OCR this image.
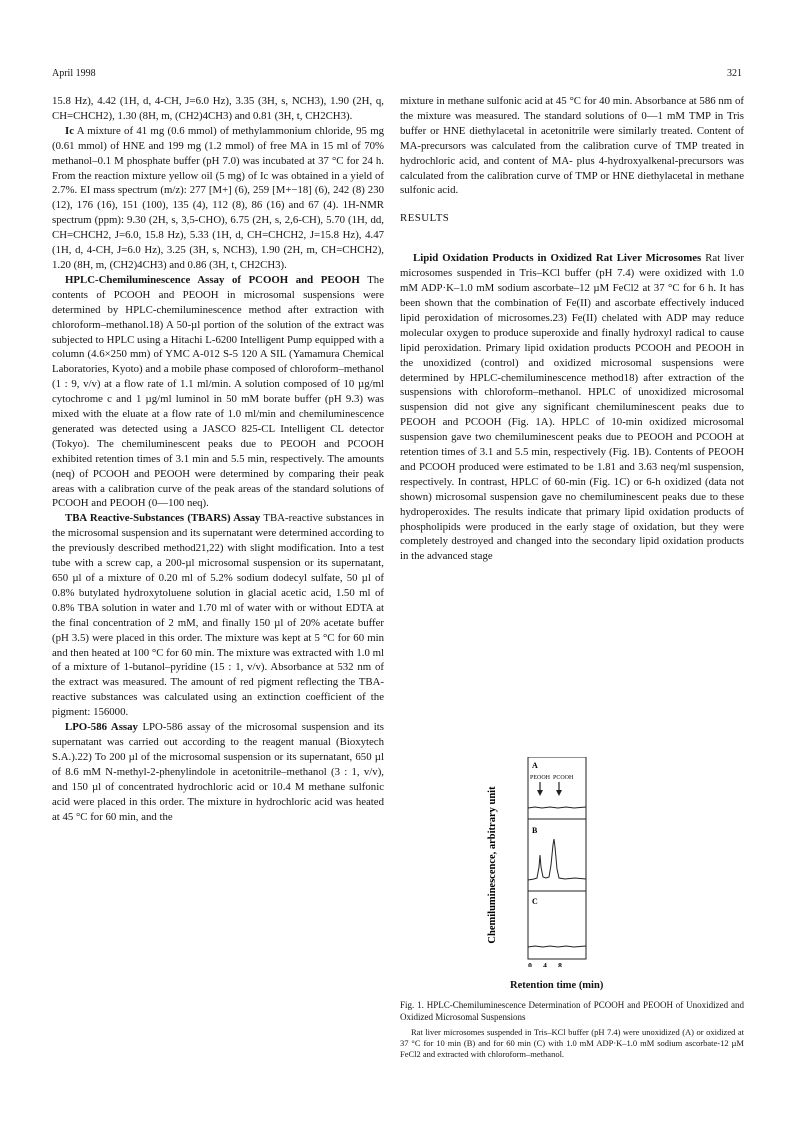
April 1998	321

15.8 Hz), 4.42 (1H, d, 4-CH, J=6.0 Hz), 3.35 (3H, s, NCH3), 1.90 (2H, q, CH=CHCH2), 1.30 (8H, m, (CH2)4CH3) and 0.81 (3H, t, CH2CH3).

Ic A mixture of 41 mg (0.6 mmol) of methylammonium chloride, 95 mg (0.61 mmol) of HNE and 199 mg (1.2 mmol) of free MA in 15 ml of 70% methanol–0.1 M phosphate buffer (pH 7.0) was incubated at 37 °C for 24 h. From the reaction mixture yellow oil (5 mg) of Ic was obtained in a yield of 2.7%. EI mass spectrum (m/z): 277 [M+] (6), 259 [M+−18] (6), 242 (8) 230 (12), 176 (16), 151 (100), 135 (4), 112 (8), 86 (16) and 67 (4). 1H-NMR spectrum (ppm): 9.30 (2H, s, 3,5-CHO), 6.75 (2H, s, 2,6-CH), 5.70 (1H, dd, CH=CHCH2, J=6.0, 15.8 Hz), 5.33 (1H, d, CH=CHCH2, J=15.8 Hz), 4.47 (1H, d, 4-CH, J=6.0 Hz), 3.25 (3H, s, NCH3), 1.90 (2H, m, CH=CHCH2), 1.20 (8H, m, (CH2)4CH3) and 0.86 (3H, t, CH2CH3).

HPLC-Chemiluminescence Assay of PCOOH and PEOOH The contents of PCOOH and PEOOH in microsomal suspensions were determined by HPLC-chemiluminescence method after extraction with chloroform–methanol.18) A 50-µl portion of the solution of the extract was subjected to HPLC using a Hitachi L-6200 Intelligent Pump equipped with a column (4.6×250 mm) of YMC A-012 S-5 120 A SIL (Yamamura Chemical Laboratories, Kyoto) and a mobile phase composed of chloroform–methanol (1 : 9, v/v) at a flow rate of 1.1 ml/min. A solution composed of 10 µg/ml cytochrome c and 1 µg/ml luminol in 50 mM borate buffer (pH 9.3) was mixed with the eluate at a flow rate of 1.0 ml/min and chemiluminescence generated was detected using a JASCO 825-CL Intelligent CL detector (Tokyo). The chemiluminescent peaks due to PEOOH and PCOOH exhibited retention times of 3.1 min and 5.5 min, respectively. The amounts (neq) of PCOOH and PEOOH were determined by comparing their peak areas with a calibration curve of the peak areas of the standard solutions of PCOOH and PEOOH (0—100 neq).

TBA Reactive-Substances (TBARS) Assay TBA-reactive substances in the microsomal suspension and its supernatant were determined according to the previously described method21,22) with slight modification. Into a test tube with a screw cap, a 200-µl microsomal suspension or its supernatant, 650 µl of a mixture of 0.20 ml of 5.2% sodium dodecyl sulfate, 50 µl of 0.8% butylated hydroxytoluene solution in glacial acetic acid, 1.50 ml of 0.8% TBA solution in water and 1.70 ml of water with or without EDTA at the final concentration of 2 mM, and finally 150 µl of 20% acetate buffer (pH 3.5) were placed in this order. The mixture was kept at 5 °C for 60 min and then heated at 100 °C for 60 min. The mixture was extracted with 1.0 ml of a mixture of 1-butanol–pyridine (15 : 1, v/v). Absorbance at 532 nm of the extract was measured. The amount of red pigment reflecting the TBA-reactive substances was calculated using an extinction coefficient of the pigment: 156000.

LPO-586 Assay LPO-586 assay of the microsomal suspension and its supernatant was carried out according to the reagent manual (Bioxytech S.A.).22) To 200 µl of the microsomal suspension or its supernatant, 650 µl of 8.6 mM N-methyl-2-phenylindole in acetonitrile–methanol (3 : 1, v/v), and 150 µl of concentrated hydrochloric acid or 10.4 M methane sulfonic acid were placed in this order. The mixture in hydrochloric acid was heated at 45 °C for 60 min, and the

mixture in methane sulfonic acid at 45 °C for 40 min. Absorbance at 586 nm of the mixture was measured. The standard solutions of 0—1 mM TMP in Tris buffer or HNE diethylacetal in acetonitrile were similarly treated. Content of MA-precursors was calculated from the calibration curve of TMP treated in hydrochloric acid, and content of MA- plus 4-hydroxyalkenal-precursors was calculated from the calibration curve of TMP or HNE diethylacetal in methane sulfonic acid.

RESULTS

Lipid Oxidation Products in Oxidized Rat Liver Microsomes Rat liver microsomes suspended in Tris–KCl buffer (pH 7.4) were oxidized with 1.0 mM ADP·K–1.0 mM sodium ascorbate–12 µM FeCl2 at 37 °C for 6 h. It has been shown that the combination of Fe(II) and ascorbate effectively induced lipid peroxidation of microsomes.23) Fe(II) chelated with ADP may reduce molecular oxygen to produce superoxide and finally hydroxyl radical to cause lipid peroxidation. Primary lipid oxidation products PCOOH and PEOOH in the unoxidized (control) and oxidized microsomal suspensions were determined by HPLC-chemiluminescence method18) after extraction of the suspensions with chloroform–methanol. HPLC of unoxidized microsomal suspension did not give any significant chemiluminescent peaks due to PEOOH and PCOOH (Fig. 1A). HPLC of 10-min oxidized microsomal suspension gave two chemiluminescent peaks due to PEOOH and PCOOH at retention times of 3.1 and 5.5 min, respectively (Fig. 1B). Contents of PEOOH and PCOOH produced were estimated to be 1.81 and 3.63 neq/ml suspension, respectively. In contrast, HPLC of 60-min (Fig. 1C) or 6-h oxidized (data not shown) microsomal suspension gave no chemiluminescent peaks due to these hydroperoxides. The results indicate that primary lipid oxidation products of phospholipids were produced in the early stage of oxidation, but they were completely destroyed and changed into the secondary lipid oxidation products in the advanced stage

Chemiluminescence, arbitrary unit
A
B
C
PEOOH PCOOH
0 4 8
Retention time (min)

Fig. 1. HPLC-Chemiluminescence Determination of PCOOH and PEOOH of Unoxidized and Oxidized Microsomal Suspensions

Rat liver microsomes suspended in Tris–KCl buffer (pH 7.4) were unoxidized (A) or oxidized at 37 °C for 10 min (B) and for 60 min (C) with 1.0 mM ADP·K–1.0 mM sodium ascorbate-12 µM FeCl2 and extracted with chloroform–methanol.
